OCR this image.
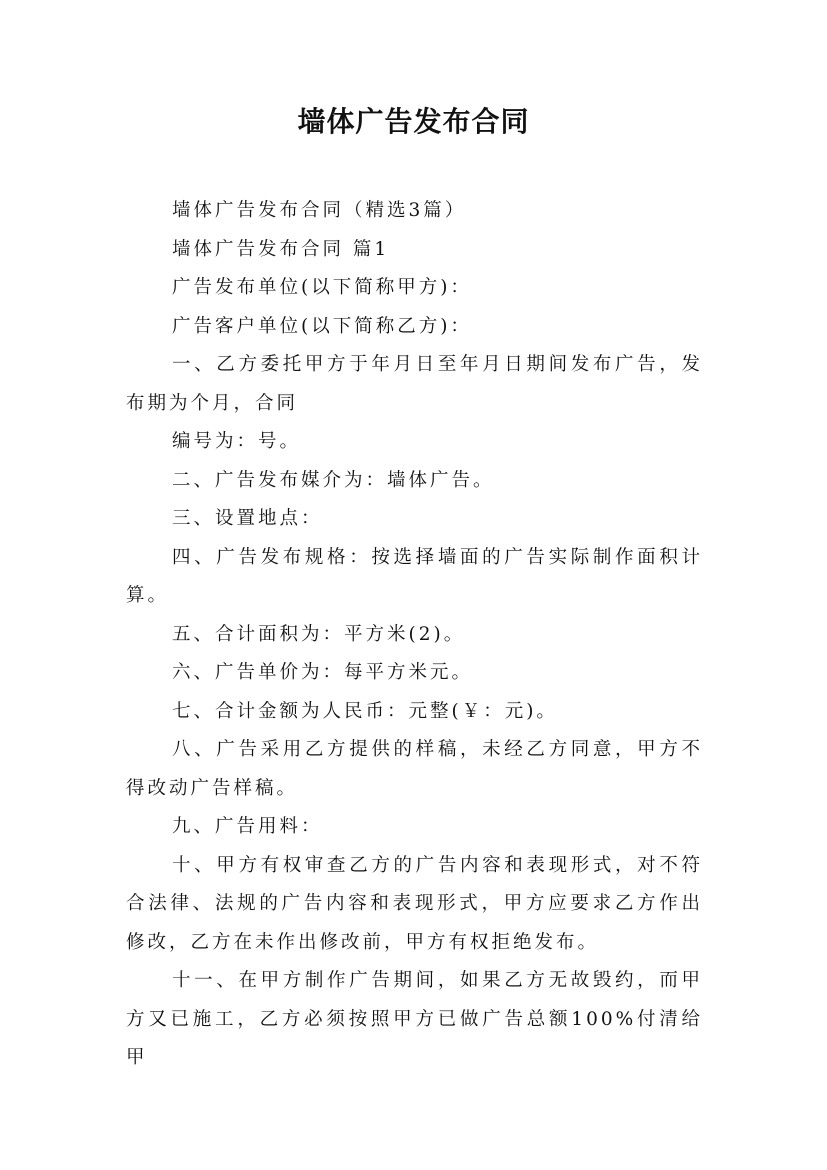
墙体广告发布合同

墙体广告发布合同（精选3篇）

墙体广告发布合同 篇1

广告发布单位(以下简称甲方)：

广告客户单位(以下简称乙方)：

一、乙方委托甲方于年月日至年月日期间发布广告，发布期为个月，合同

编号为：号。

二、广告发布媒介为：墙体广告。

三、设置地点：

四、广告发布规格：按选择墙面的广告实际制作面积计算。

五、合计面积为：平方米(2)。

六、广告单价为：每平方米元。

七、合计金额为人民币：元整(￥：元)。

八、广告采用乙方提供的样稿，未经乙方同意，甲方不得改动广告样稿。

九、广告用料：

十、甲方有权审查乙方的广告内容和表现形式，对不符合法律、法规的广告内容和表现形式，甲方应要求乙方作出修改，乙方在未作出修改前，甲方有权拒绝发布。

十一、在甲方制作广告期间，如果乙方无故毁约，而甲方又已施工，乙方必须按照甲方已做广告总额100%付清给甲
